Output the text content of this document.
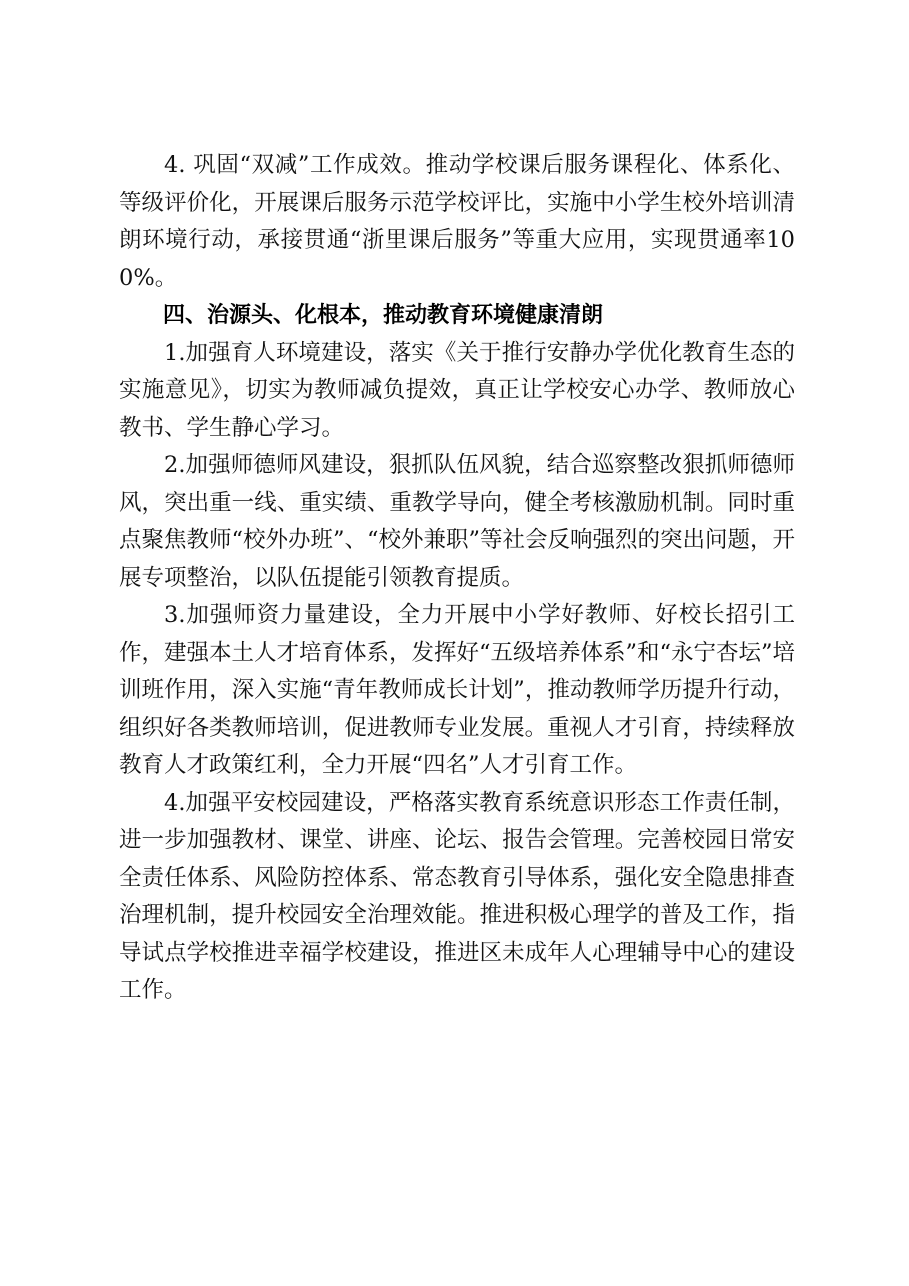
4. 巩固“双减”工作成效。推动学校课后服务课程化、体系化、等级评价化，开展课后服务示范学校评比，实施中小学生校外培训清朗环境行动，承接贯通“浙里课后服务”等重大应用，实现贯通率100%。

四、治源头、化根本，推动教育环境健康清朗

1.加强育人环境建设，落实《关于推行安静办学优化教育生态的实施意见》，切实为教师减负提效，真正让学校安心办学、教师放心教书、学生静心学习。

2.加强师德师风建设，狠抓队伍风貌，结合巡察整改狠抓师德师风，突出重一线、重实绩、重教学导向，健全考核激励机制。同时重点聚焦教师“校外办班”、“校外兼职”等社会反响强烈的突出问题，开展专项整治，以队伍提能引领教育提质。

3.加强师资力量建设，全力开展中小学好教师、好校长招引工作，建强本土人才培育体系，发挥好“五级培养体系”和“永宁杏坛”培训班作用，深入实施“青年教师成长计划”，推动教师学历提升行动，组织好各类教师培训，促进教师专业发展。重视人才引育，持续释放教育人才政策红利，全力开展“四名”人才引育工作。

4.加强平安校园建设，严格落实教育系统意识形态工作责任制，进一步加强教材、课堂、讲座、论坛、报告会管理。完善校园日常安全责任体系、风险防控体系、常态教育引导体系，强化安全隐患排查治理机制，提升校园安全治理效能。推进积极心理学的普及工作，指导试点学校推进幸福学校建设，推进区未成年人心理辅导中心的建设工作。
